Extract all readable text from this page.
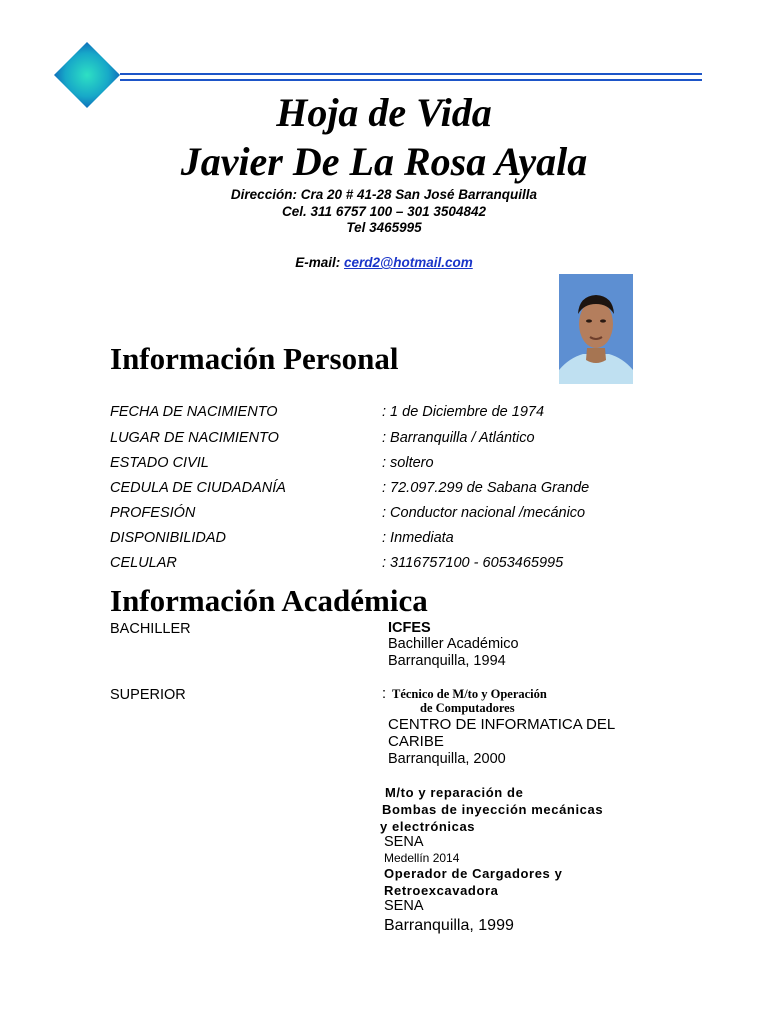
Hoja de Vida
Javier De La Rosa Ayala
Dirección: Cra 20 # 41-28 San José Barranquilla
Cel. 311 6757 100 – 301 3504842
Tel 3465995
E-mail: cerd2@hotmail.com
Información Personal
FECHA DE NACIMIENTO	: 1 de Diciembre de 1974
LUGAR DE NACIMIENTO	: Barranquilla / Atlántico
ESTADO CIVIL	: soltero
CEDULA DE CIUDADANÍA	: 72.097.299 de Sabana Grande
PROFESIÓN	: Conductor nacional /mecánico
DISPONIBILIDAD	: Inmediata
CELULAR	: 3116757100 - 6053465995
Información Académica
BACHILLER	ICFES
Bachiller Académico
Barranquilla, 1994
SUPERIOR	: Técnico de M/to y Operación
de Computadores
CENTRO DE INFORMATICA DEL
CARIBE
Barranquilla, 2000
M/to y reparación de
Bombas de inyección mecánicas
y electrónicas
SENA
Medellín 2014
Operador de Cargadores y
Retroexcavadora
SENA
Barranquilla, 1999
